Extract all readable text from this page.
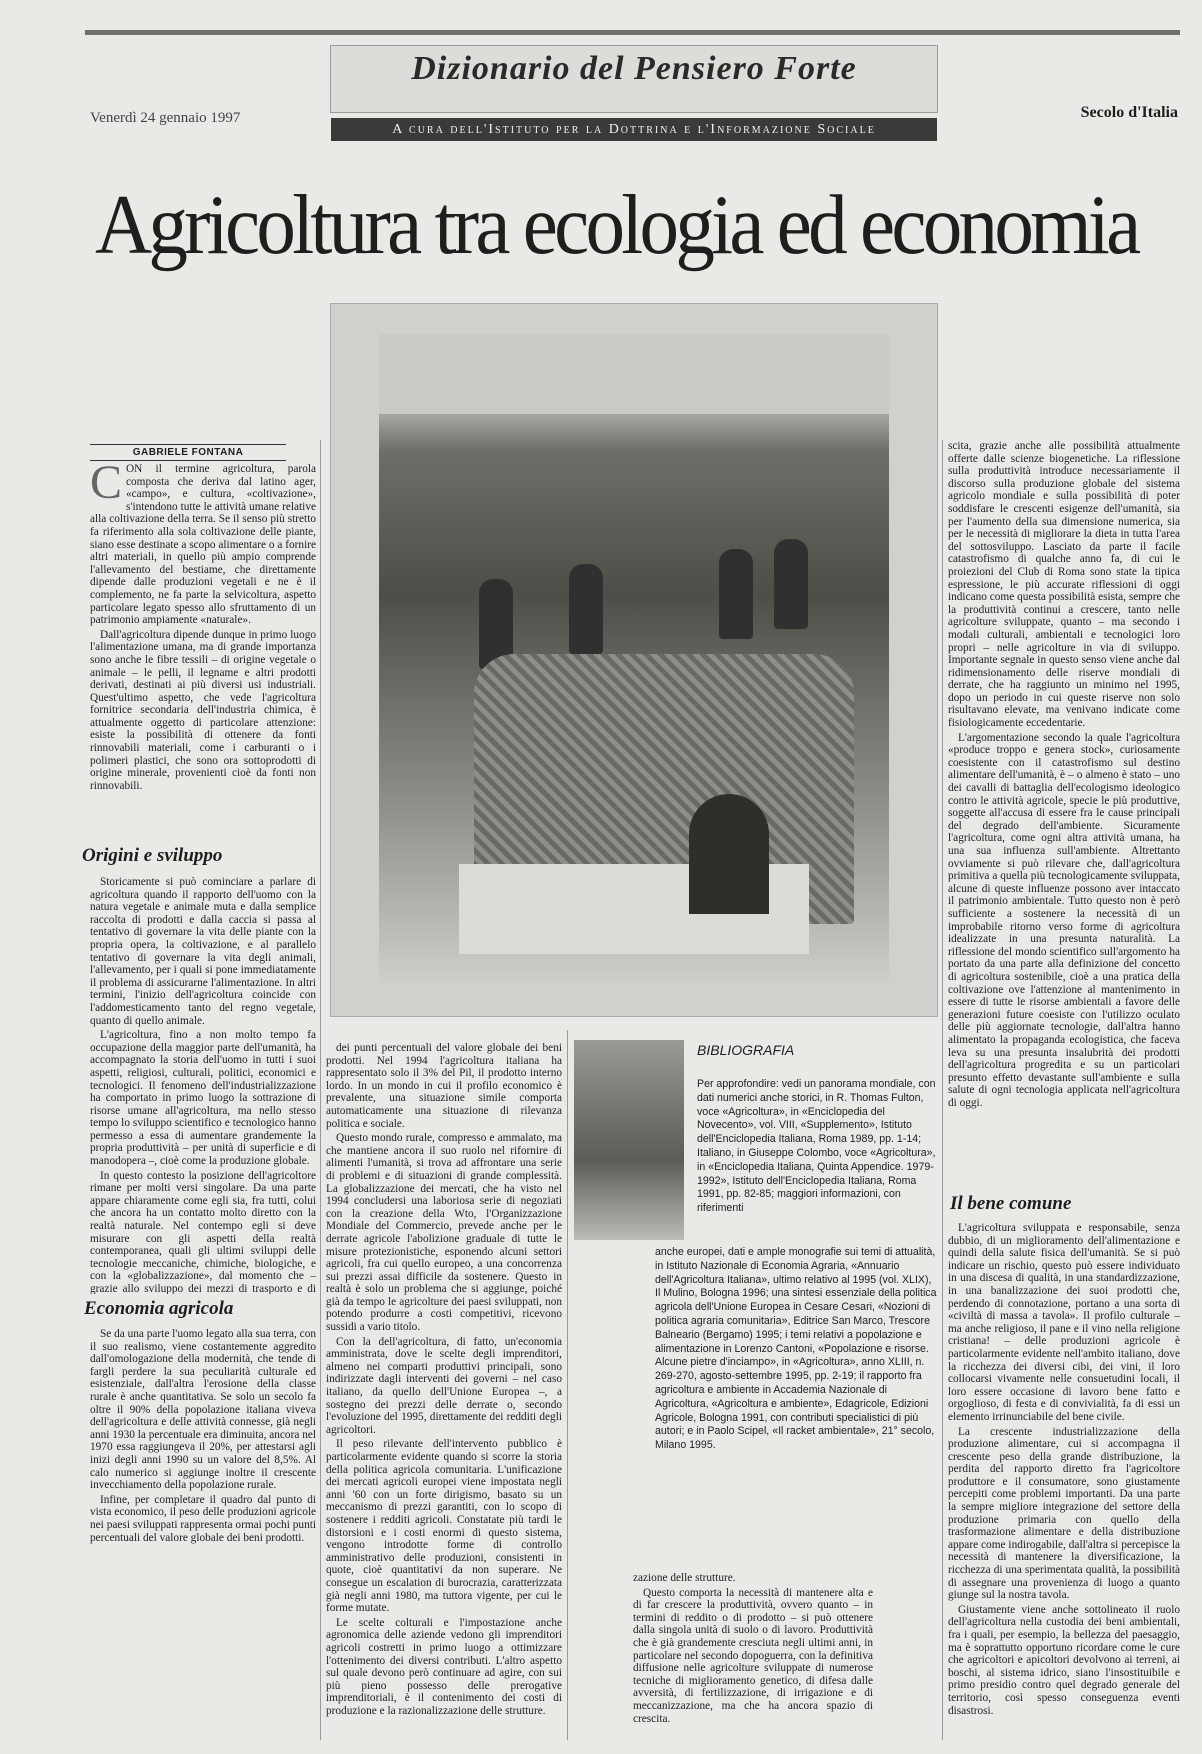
Dizionario del Pensiero Forte
A cura dell'Istituto per la Dottrina e l'Informazione Sociale
Venerdì 24 gennaio 1997	Secolo d'Italia
Agricoltura tra ecologia ed economia
GABRIELE FONTANA

CON il termine agricoltura, parola composta che deriva dal latino ager, «campo», e cultura, «coltivazione», s'intendono tutte le attività umane relative alla coltivazione della terra. Se il senso più stretto fa riferimento alla sola coltivazione delle piante, siano esse destinate a scopo alimentare o a fornire altri materiali, in quello più ampio comprende l'allevamento del bestiame, che direttamente dipende dalle produzioni vegetali e ne è il complemento, ne fa parte la selvicoltura, aspetto particolare legato spesso allo sfruttamento di un patrimonio ampiamente «naturale».

Dall'agricoltura dipende dunque in primo luogo l'alimentazione umana, ma di grande importanza sono anche le fibre tessili – di origine vegetale o animale – le pelli, il legname e altri prodotti derivati, destinati ai più diversi usi industriali. Quest'ultimo aspetto, che vede l'agricoltura fornitrice secondaria dell'industria chimica, è attualmente oggetto di particolare attenzione: esiste la possibilità di ottenere da fonti rinnovabili materiali, come i carburanti o i polimeri plastici, che sono ora sottoprodotti di origine minerale, provenienti cioè da fonti non rinnovabili.

Origini e sviluppo

Storicamente si può cominciare a parlare di agricoltura quando il rapporto dell'uomo con la natura vegetale e animale muta e dalla semplice raccolta di prodotti e dalla caccia si passa al tentativo di governare la vita delle piante con la propria opera, la coltivazione, e al parallelo tentativo di governare la vita degli animali, l'allevamento, per i quali si pone immediatamente il problema di assicurarne l'alimentazione. In altri termini, l'inizio dell'agricoltura coincide con l'addomesticamento tanto del regno vegetale, quanto di quello animale.

L'agricoltura, fino a non molto tempo fa occupazione della maggior parte dell'umanità, ha accompagnato la storia dell'uomo in tutti i suoi aspetti, religiosi, culturali, politici, economici e tecnologici. Il fenomeno dell'industrializzazione ha comportato in primo luogo la sottrazione di risorse umane all'agricoltura, ma nello stesso tempo lo sviluppo scientifico e tecnologico hanno permesso a essa di aumentare grandemente la propria produttività – per unità di superficie e di manodopera –, cioè come la produzione globale.

In questo contesto la posizione dell'agricoltore rimane per molti versi singolare. Da una parte appare chiaramente come egli sia, fra tutti, colui che ancora ha un contatto molto diretto con la realtà naturale. Nel contempo egli si deve misurare con gli aspetti della realtà contemporanea, quali gli ultimi sviluppi delle tecnologie meccaniche, chimiche, biologiche, e con la «globalizzazione», dal momento che – grazie allo sviluppo dei mezzi di trasporto e di

Economia agricola

Se da una parte l'uomo legato alla sua terra, con il suo realismo, viene costantemente aggredito dall'omologazione della modernità, che tende di fargli perdere la sua peculiarità culturale ed esistenziale, dall'altra l'erosione della classe rurale è anche quantitativa. Se solo un secolo fa oltre il 90% della popolazione italiana viveva dell'agricoltura e delle attività connesse, già negli anni 1930 la percentuale era diminuita, ancora nel 1970 essa raggiungeva il 20%, per attestarsi agli inizi degli anni 1990 su un valore del 8,5%. Al calo numerico si aggiunge inoltre il crescente invecchiamento della popolazione rurale.

Infine, per completare il quadro dal punto di vista economico, il peso delle produzioni agricole nei paesi sviluppati rappresenta ormai pochi punti percentuali del valore globale dei beni prodotti.

dei punti percentuali del valore globale dei beni prodotti. Nel 1994 l'agricoltura italiana ha rappresentato solo il 3% del Pil, il prodotto interno lordo. In un mondo in cui il profilo economico è prevalente, una situazione simile comporta automaticamente una situazione di rilevanza politica e sociale.

Questo mondo rurale, compresso e ammalato, ma che mantiene ancora il suo ruolo nel rifornire di alimenti l'umanità, si trova ad affrontare una serie di problemi e di situazioni di grande complessità. La globalizzazione dei mercati, che ha visto nel 1994 concludersi una laboriosa serie di negoziati con la creazione della Wto, l'Organizzazione Mondiale del Commercio, prevede anche per le derrate agricole l'abolizione graduale di tutte le misure protezionistiche, esponendo alcuni settori agricoli, fra cui quello europeo, a una concorrenza sui prezzi assai difficile da sostenere. Questo in realtà è solo un problema che si aggiunge, poiché già da tempo le agricolture dei paesi sviluppati, non potendo produrre a costi competitivi, ricevono sussidi a vario titolo.

Con la dell'agricoltura, di fatto, un'economia amministrata, dove le scelte degli imprenditori, almeno nei comparti produttivi principali, sono indirizzate dagli interventi dei governi – nel caso italiano, da quello dell'Unione Europea –, a sostegno dei prezzi delle derrate o, secondo l'evoluzione del 1995, direttamente dei redditi degli agricoltori.

Il peso rilevante dell'intervento pubblico è particolarmente evidente quando si scorre la storia della politica agricola comunitaria. L'unificazione dei mercati agricoli europei viene impostata negli anni '60 con un forte dirigismo, basato su un meccanismo di prezzi garantiti, con lo scopo di sostenere i redditi agricoli. Constatate più tardi le distorsioni e i costi enormi di questo sistema, vengono introdotte forme di controllo amministrativo delle produzioni, consistenti in quote, cioè quantitativi da non superare. Ne consegue un escalation di burocrazia, caratterizzata già negli anni 1980, ma tuttora vigente, per cui le forme mutate.

Le scelte colturali e l'impostazione anche agronomica delle aziende vedono gli imprenditori agricoli costretti in primo luogo a ottimizzare l'ottenimento dei diversi contributi. L'altro aspetto sul quale devono però continuare ad agire, con sui più pieno possesso delle prerogative imprenditoriali, è il contenimento dei costi di produzione e la razionalizzazione delle strutture.

BIBLIOGRAFIA

Per approfondire: vedi un panorama mondiale, con dati numerici anche storici, in R. Thomas Fulton, voce «Agricoltura», in «Enciclopedia del Novecento», vol. VIII, «Supplemento», Istituto dell'Enciclopedia Italiana, Roma 1989, pp. 1-14; Italiano, in Giuseppe Colombo, voce «Agricoltura», in «Enciclopedia Italiana, Quinta Appendice. 1979-1992», Istituto dell'Enciclopedia Italiana, Roma 1991, pp. 82-85; maggiori informazioni, con riferimenti

anche europei, dati e ample monografie sui temi di attualità, in Istituto Nazionale di Economia Agraria, «Annuario dell'Agricoltura Italiana», ultimo relativo al 1995 (vol. XLIX), Il Mulino, Bologna 1996; una sintesi essenziale della politica agricola dell'Unione Europea in Cesare Cesari, «Nozioni di politica agraria comunitaria», Editrice San Marco, Trescore Balneario (Bergamo) 1995; i temi relativi a popolazione e alimentazione in Lorenzo Cantoni, «Popolazione e risorse. Alcune pietre d'inciampo», in «Agricoltura», anno XLIII, n. 269-270, agosto-settembre 1995, pp. 2-19; il rapporto fra agricoltura e ambiente in Accademia Nazionale di Agricoltura, «Agricoltura e ambiente», Edagricole, Edizioni Agricole, Bologna 1991, con contributi specialistici di più autori; e in Paolo Scipel, «Il racket ambientale», 21° secolo, Milano 1995.

zazione delle strutture.

Questo comporta la necessità di mantenere alta e di far crescere la produttività, ovvero quanto – in termini di reddito o di prodotto – si può ottenere dalla singola unità di suolo o di lavoro. Produttività che è già grandemente cresciuta negli ultimi anni, in particolare nel secondo dopoguerra, con la definitiva diffusione nelle agricolture sviluppate di numerose tecniche di miglioramento genetico, di difesa dalle avversità, di fertilizzazione, di irrigazione e di meccanizzazione, ma che ha ancora spazio di crescita.

scita, grazie anche alle possibilità attualmente offerte dalle scienze biogenetiche. La riflessione sulla produttività introduce necessariamente il discorso sulla produzione globale del sistema agricolo mondiale e sulla possibilità di poter soddisfare le crescenti esigenze dell'umanità, sia per l'aumento della sua dimensione numerica, sia per le necessità di migliorare la dieta in tutta l'area del sottosviluppo. Lasciato da parte il facile catastrofismo di qualche anno fa, di cui le proiezioni del Club di Roma sono state la tipica espressione, le più accurate riflessioni di oggi indicano come questa possibilità esista, sempre che la produttività continui a crescere, tanto nelle agricolture sviluppate, quanto – ma secondo i modali culturali, ambientali e tecnologici loro propri – nelle agricolture in via di sviluppo. Importante segnale in questo senso viene anche dal ridimensionamento delle riserve mondiali di derrate, che ha raggiunto un minimo nel 1995, dopo un periodo in cui queste riserve non solo risultavano elevate, ma venivano indicate come fisiologicamente eccedentarie.

L'argomentazione secondo la quale l'agricoltura «produce troppo e genera stock», curiosamente coesistente con il catastrofismo sul destino alimentare dell'umanità, è – o almeno è stato – uno dei cavalli di battaglia dell'ecologismo ideologico contro le attività agricole, specie le più produttive, soggette all'accusa di essere fra le cause principali del degrado dell'ambiente. Sicuramente l'agricoltura, come ogni altra attività umana, ha una sua influenza sull'ambiente. Altrettanto ovviamente si può rilevare che, dall'agricoltura primitiva a quella più tecnologicamente sviluppata, alcune di queste influenze possono aver intaccato il patrimonio ambientale. Tutto questo non è però sufficiente a sostenere la necessità di un improbabile ritorno verso forme di agricoltura idealizzate in una presunta naturalità. La riflessione del mondo scientifico sull'argomento ha portato da una parte alla definizione del concetto di agricoltura sostenibile, cioè a una pratica della coltivazione ove l'attenzione al mantenimento in essere di tutte le risorse ambientali a favore delle generazioni future coesiste con l'utilizzo oculato delle più aggiornate tecnologie, dall'altra hanno alimentato la propaganda ecologistica, che faceva leva su una presunta insalubrità dei prodotti dell'agricoltura progredita e su un particolari presunto effetto devastante sull'ambiente e sulla salute di ogni tecnologia applicata nell'agricoltura di oggi.

Il bene comune

L'agricoltura sviluppata e responsabile, senza dubbio, di un miglioramento dell'alimentazione e quindi della salute fisica dell'umanità. Se si può indicare un rischio, questo può essere individuato in una discesa di qualità, in una standardizzazione, in una banalizzazione dei suoi prodotti che, perdendo di connotazione, portano a una sorta di «civiltà di massa a tavola». Il profilo culturale – ma anche religioso, il pane e il vino nella religione cristiana! – delle produzioni agricole è particolarmente evidente nell'ambito italiano, dove la ricchezza dei diversi cibi, dei vini, il loro collocarsi vivamente nelle consuetudini locali, il loro essere occasione di lavoro bene fatto e orgoglioso, di festa e di convivialità, fa di essi un elemento irrinunciabile del bene civile.

La crescente industrializzazione della produzione alimentare, cui si accompagna il crescente peso della grande distribuzione, la perdita del rapporto diretto fra l'agricoltore produttore e il consumatore, sono giustamente percepiti come problemi importanti. Da una parte la sempre migliore integrazione del settore della produzione primaria con quello della trasformazione alimentare e della distribuzione appare come indirogabile, dall'altra si percepisce la necessità di mantenere la diversificazione, la ricchezza di una sperimentata qualità, la possibilità di assegnare una provenienza di luogo a quanto giunge sul la nostra tavola.

Giustamente viene anche sottolineato il ruolo dell'agricoltura nella custodia dei beni ambientali, fra i quali, per esempio, la bellezza del paesaggio, ma è soprattutto opportuno ricordare come le cure che agricoltori e apicoltori devolvono ai terreni, ai boschi, al sistema idrico, siano l'insostituibile e primo presidio contro quel degrado generale del territorio, così spesso conseguenza eventi disastrosi.
